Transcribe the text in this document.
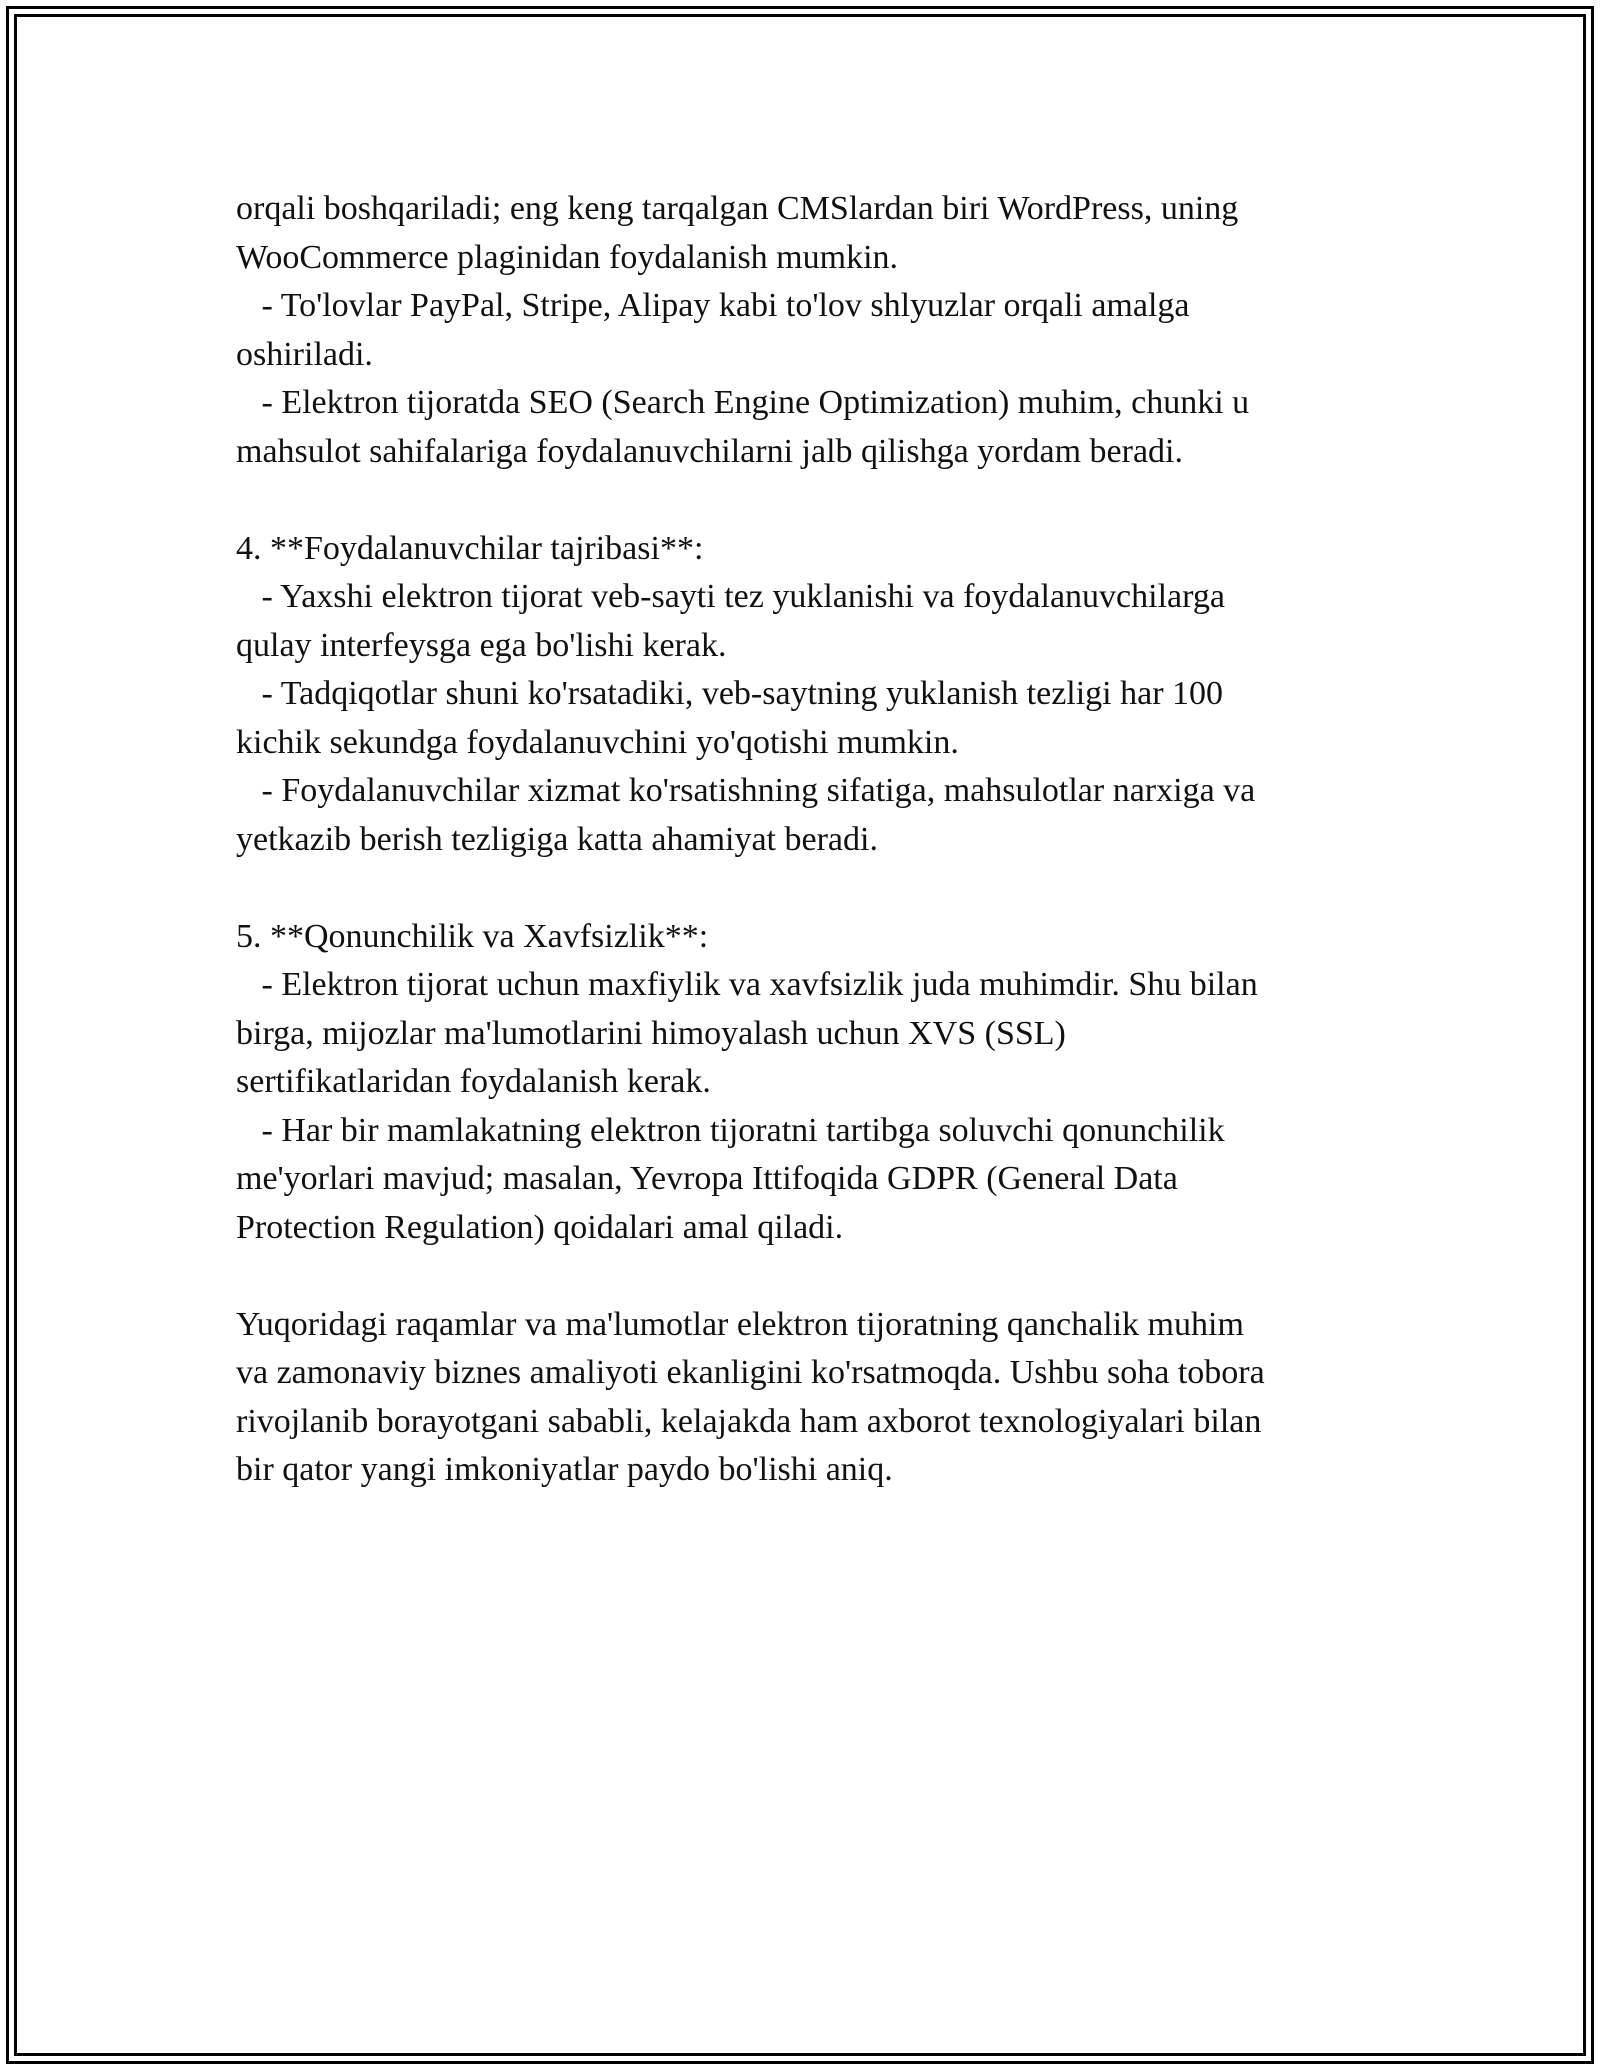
orqali boshqariladi; eng keng tarqalgan CMSlardan biri WordPress, uning
WooCommerce plaginidan foydalanish mumkin.
- To'lovlar PayPal, Stripe, Alipay kabi to'lov shlyuzlar orqali amalga
oshiriladi.
- Elektron tijoratda SEO (Search Engine Optimization) muhim, chunki u
mahsulot sahifalariga foydalanuvchilarni jalb qilishga yordam beradi.
4. **Foydalanuvchilar tajribasi**:
- Yaxshi elektron tijorat veb-sayti tez yuklanishi va foydalanuvchilarga
qulay interfeysga ega bo'lishi kerak.
- Tadqiqotlar shuni ko'rsatadiki, veb-saytning yuklanish tezligi har 100
kichik sekundga foydalanuvchini yo'qotishi mumkin.
- Foydalanuvchilar xizmat ko'rsatishning sifatiga, mahsulotlar narxiga va
yetkazib berish tezligiga katta ahamiyat beradi.
5. **Qonunchilik va Xavfsizlik**:
- Elektron tijorat uchun maxfiylik va xavfsizlik juda muhimdir. Shu bilan
birga, mijozlar ma'lumotlarini himoyalash uchun XVS (SSL)
sertifikatlaridan foydalanish kerak.
- Har bir mamlakatning elektron tijoratni tartibga soluvchi qonunchilik
me'yorlari mavjud; masalan, Yevropa Ittifoqida GDPR (General Data
Protection Regulation) qoidalari amal qiladi.
Yuqoridagi raqamlar va ma'lumotlar elektron tijoratning qanchalik muhim
va zamonaviy biznes amaliyoti ekanligini ko'rsatmoqda. Ushbu soha tobora
rivojlanib borayotgani sababli, kelajakda ham axborot texnologiyalari bilan
bir qator yangi imkoniyatlar paydo bo'lishi aniq.
